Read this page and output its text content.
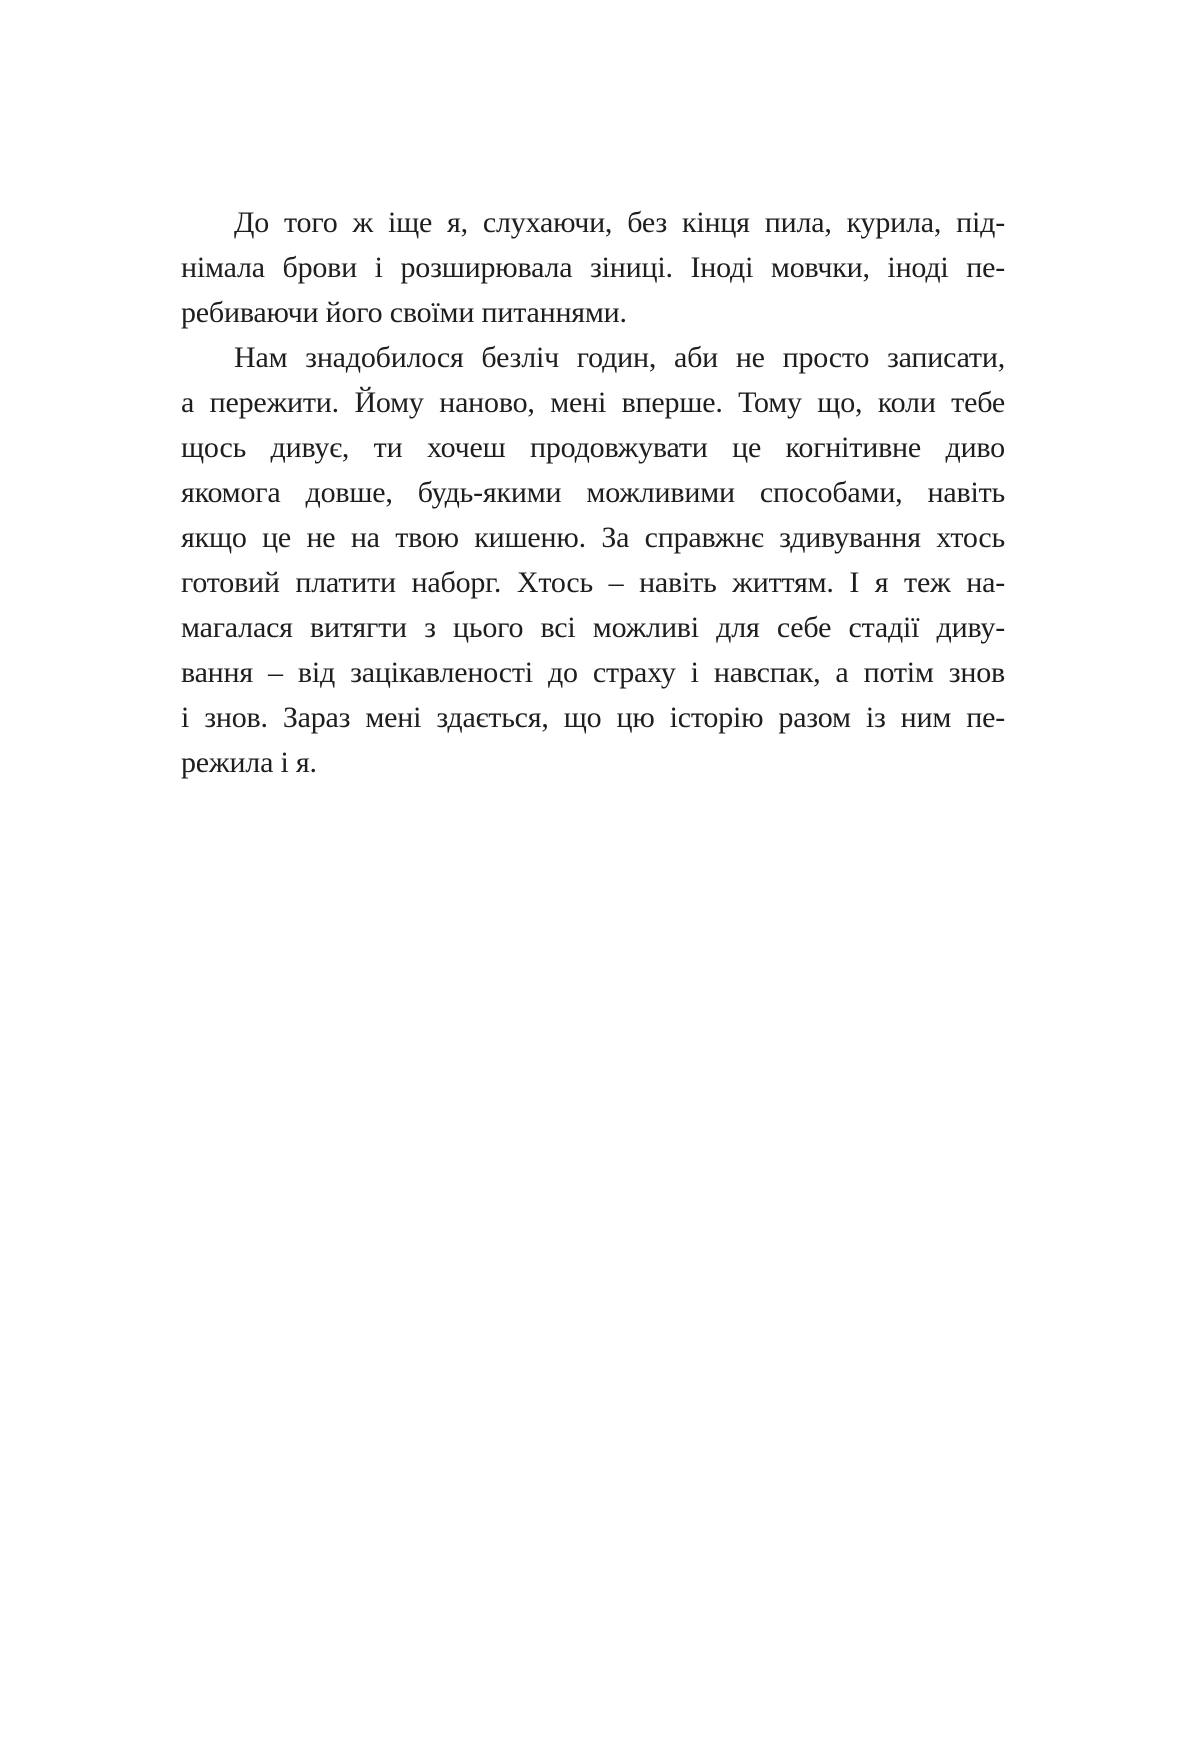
До того ж іще я, слухаючи, без кінця пила, курила, під-
німала брови і розширювала зіниці. Іноді мовчки, іноді пе-
ребиваючи його своїми питаннями.
Нам знадобилося безліч годин, аби не просто записати,
а пережити. Йому наново, мені вперше. Тому що, коли тебе
щось дивує, ти хочеш продовжувати це когнітивне диво
якомога довше, будь-якими можливими способами, навіть
якщо це не на твою кишеню. За справжнє здивування хтось
готовий платити наборг. Хтось – навіть життям. І я теж на-
магалася витягти з цього всі можливі для себе стадії диву-
вання – від зацікавленості до страху і навспак, а потім знов
і знов. Зараз мені здається, що цю історію разом із ним пе-
режила і я.
